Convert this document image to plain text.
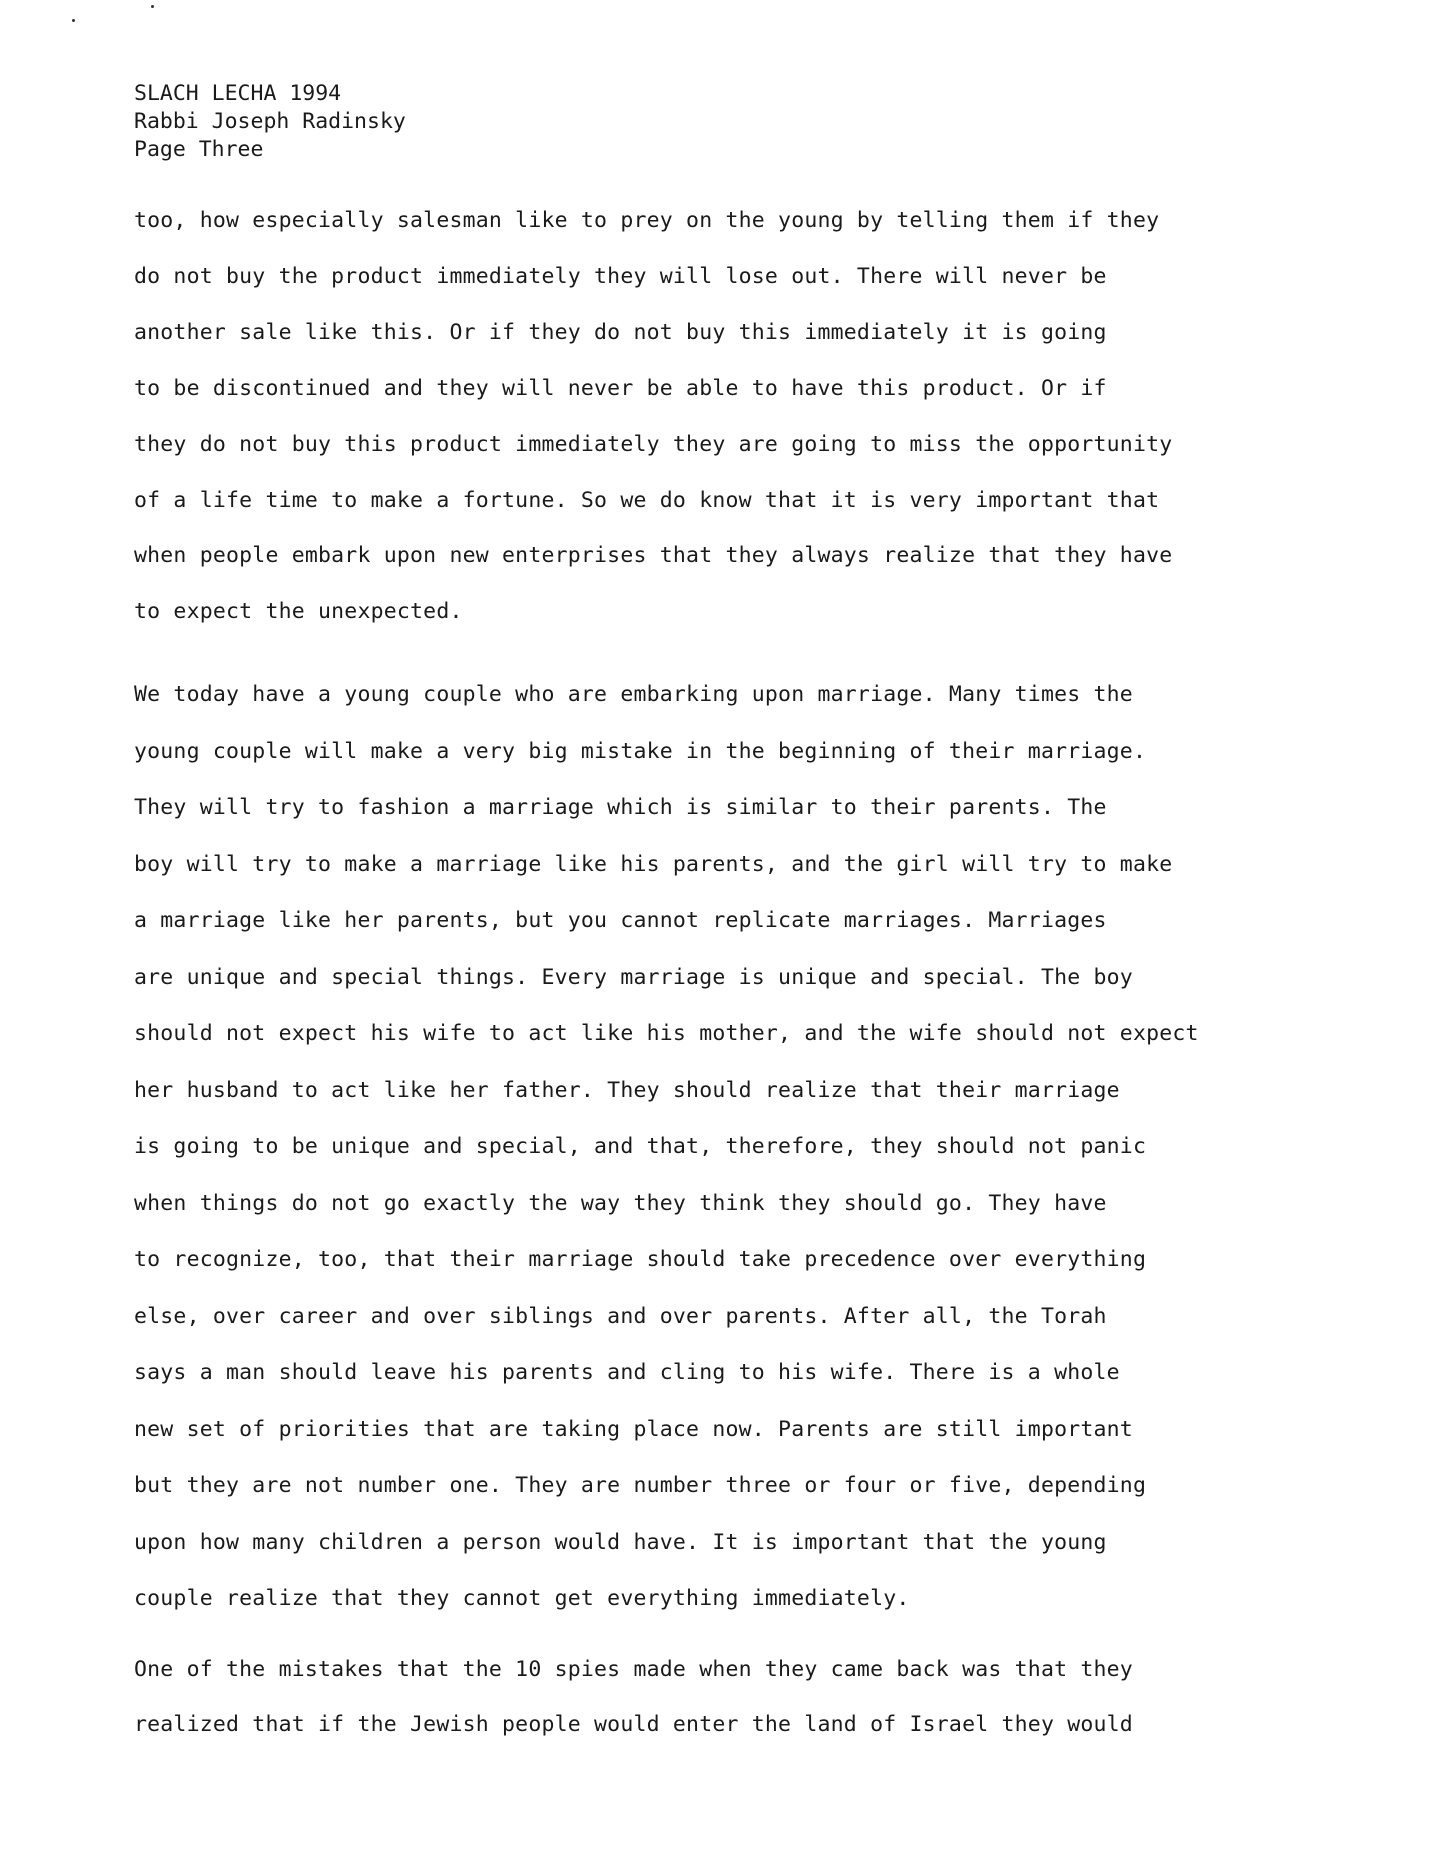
SLACH LECHA 1994
Rabbi Joseph Radinsky
Page Three
too, how especially salesman like to prey on the young by telling them if they
do not buy the product immediately they will lose out. There will never be
another sale like this. Or if they do not buy this immediately it is going
to be discontinued and they will never be able to have this product. Or if
they do not buy this product immediately they are going to miss the opportunity
of a life time to make a fortune. So we do know that it is very important that
when people embark upon new enterprises that they always realize that they have
to expect the unexpected.
We today have a young couple who are embarking upon marriage. Many times the
young couple will make a very big mistake in the beginning of their marriage.
They will try to fashion a marriage which is similar to their parents. The
boy will try to make a marriage like his parents, and the girl will try to make
a marriage like her parents, but you cannot replicate marriages. Marriages
are unique and special things. Every marriage is unique and special. The boy
should not expect his wife to act like his mother, and the wife should not expect
her husband to act like her father. They should realize that their marriage
is going to be unique and special, and that, therefore, they should not panic
when things do not go exactly the way they think they should go. They have
to recognize, too, that their marriage should take precedence over everything
else, over career and over siblings and over parents. After all, the Torah
says a man should leave his parents and cling to his wife. There is a whole
new set of priorities that are taking place now. Parents are still important
but they are not number one. They are number three or four or five, depending
upon how many children a person would have. It is important that the young
couple realize that they cannot get everything immediately.
One of the mistakes that the 10 spies made when they came back was that they
realized that if the Jewish people would enter the land of Israel they would
